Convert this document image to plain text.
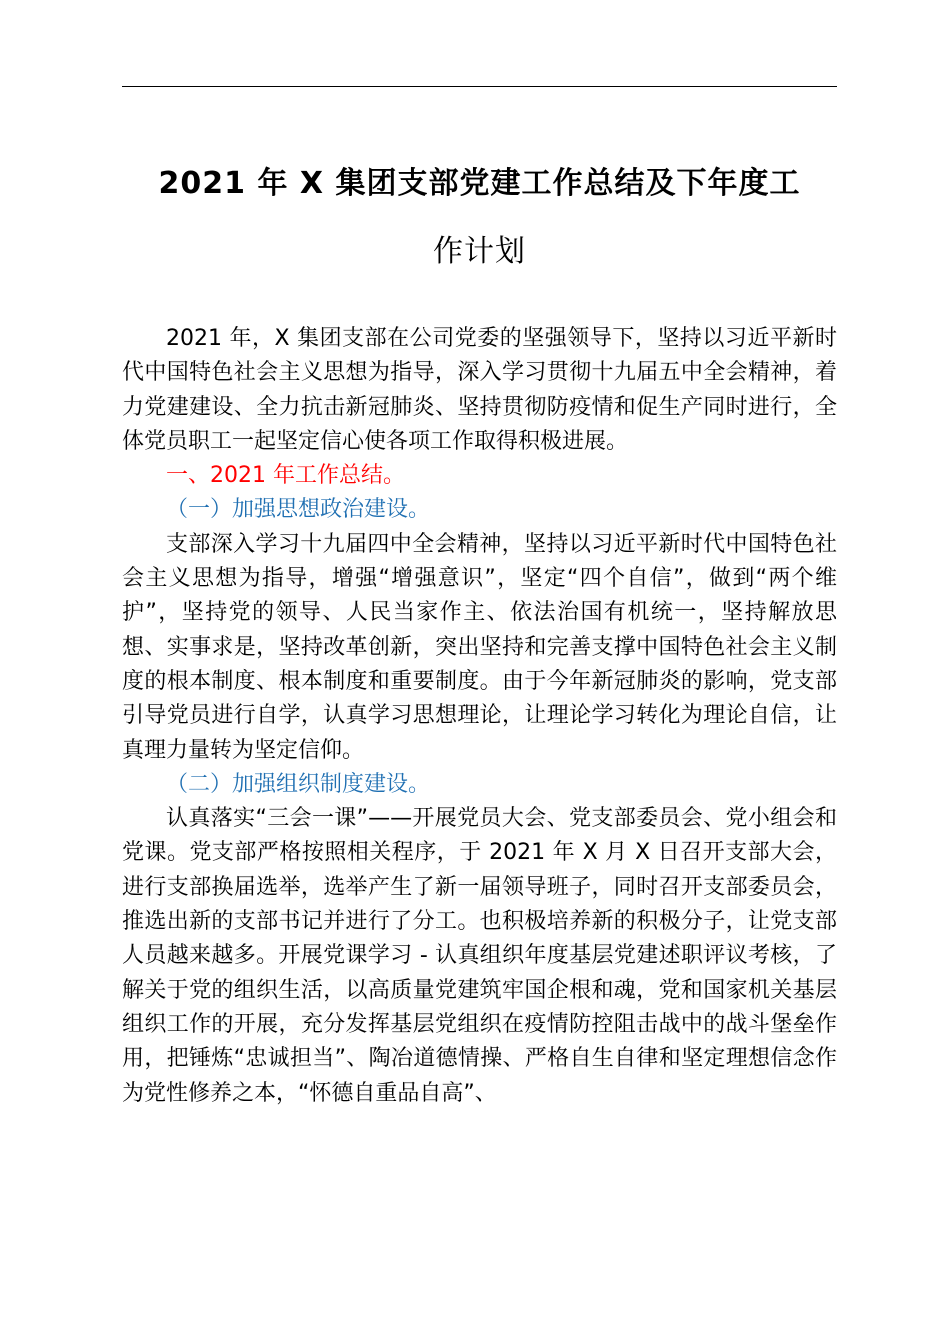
2021 年 X 集团支部党建工作总结及下年度工
作计划

2021 年，X 集团支部在公司党委的坚强领导下，坚持以习近平新时代中国特色社会主义思想为指导，深入学习贯彻十九届五中全会精神，着力党建建设、全力抗击新冠肺炎、坚持贯彻防疫情和促生产同时进行，全体党员职工一起坚定信心使各项工作取得积极进展。

一、2021 年工作总结。

（一）加强思想政治建设。

支部深入学习十九届四中全会精神，坚持以习近平新时代中国特色社会主义思想为指导，增强“增强意识”，坚定“四个自信”，做到“两个维护”，坚持党的领导、人民当家作主、依法治国有机统一，坚持解放思想、实事求是，坚持改革创新，突出坚持和完善支撑中国特色社会主义制度的根本制度、根本制度和重要制度。由于今年新冠肺炎的影响，党支部引导党员进行自学，认真学习思想理论，让理论学习转化为理论自信，让真理力量转为坚定信仰。

（二）加强组织制度建设。

认真落实“三会一课”——开展党员大会、党支部委员会、党小组会和党课。党支部严格按照相关程序，于 2021 年 X 月 X 日召开支部大会，进行支部换届选举，选举产生了新一届领导班子，同时召开支部委员会，推选出新的支部书记并进行了分工。也积极培养新的积极分子，让党支部人员越来越多。开展党课学习 - 认真组织年度基层党建述职评议考核，了解关于党的组织生活，以高质量党建筑牢国企根和魂，党和国家机关基层组织工作的开展，充分发挥基层党组织在疫情防控阻击战中的战斗堡垒作用，把锤炼“忠诚担当”、陶冶道德情操、严格自生自律和坚定理想信念作为党性修养之本，“怀德自重品自高”、
